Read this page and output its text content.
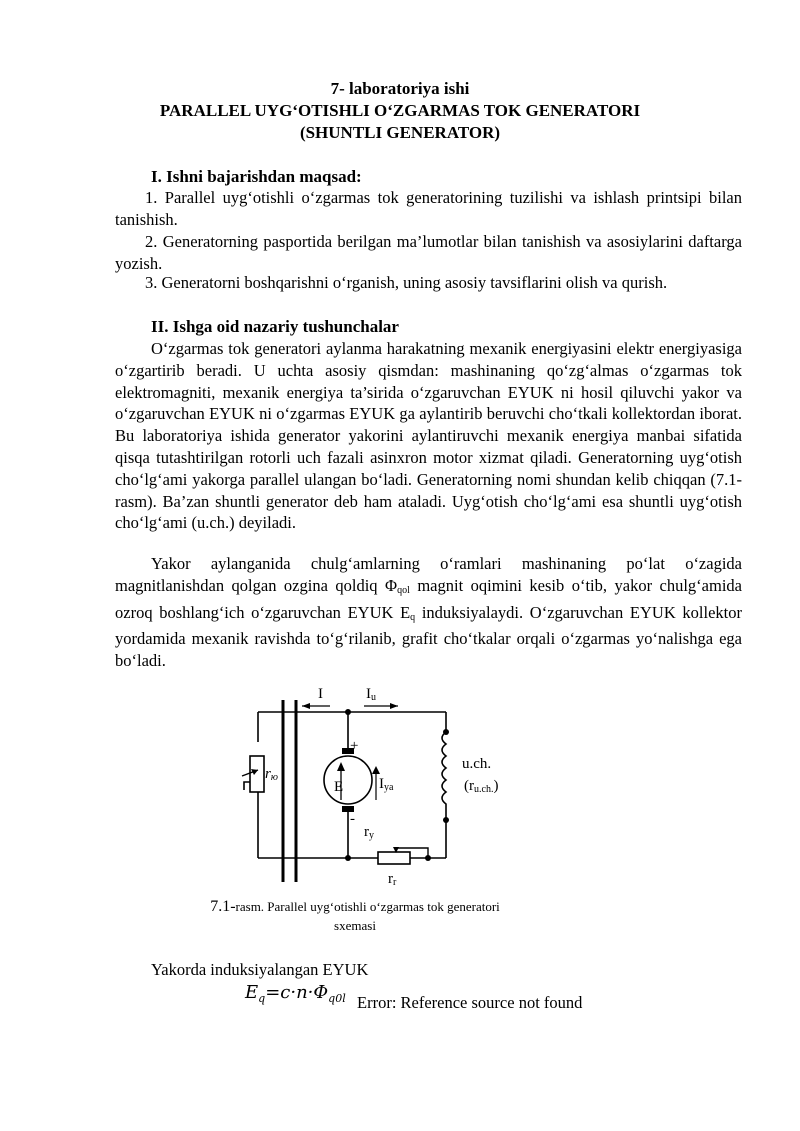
7- laboratoriya ishi
PARALLEL UYG‘OTISHLI O‘ZGARMAS TOK GENERATORI
(SHUNTLI GENERATOR)
I. Ishni bajarishdan maqsad:
1. Parallel uyg‘otishli o‘zgarmas tok generatorining tuzilishi va ishlash printsipi bilan tanishish.
2. Generatorning pasportida berilgan ma’lumotlar bilan tanishish va asosiylarini daftarga yozish.
3. Generatorni boshqarishni o‘rganish, uning asosiy tavsiflarini olish va qurish.
II. Ishga oid nazariy tushunchalar
O‘zgarmas tok generatori aylanma harakatning mexanik energiyasini elektr energiyasiga o‘zgartirib beradi. U uchta asosiy qismdan: mashinaning qo‘zg‘almas o‘zgarmas tok elektromagniti, mexanik energiya ta’sirida o‘zgaruvchan EYUK ni hosil qiluvchi yakor va o‘zgaruvchan EYUK ni o‘zgarmas EYUK ga aylantirib beruvchi cho‘tkali kollektordan iborat. Bu laboratoriya ishida generator yakorini aylantiruvchi mexanik energiya manbai sifatida qisqa tutashtirilgan rotorli uch fazali asinxron motor xizmat qiladi. Generatorning uyg‘otish cho‘lg‘ami yakorga parallel ulangan bo‘ladi. Generatorning nomi shundan kelib chiqqan (7.1-rasm). Ba’zan shuntli generator deb ham ataladi. Uyg‘otish cho‘lg‘ami esa shuntli uyg‘otish cho‘lg‘ami (u.ch.) deyiladi.
Yakor aylanganida chulg‘amlarning o‘ramlari mashinaning po‘lat o‘zagida magnitlanishdan qolgan ozgina qoldiq $\Phi_{qol}$ magnit oqimini kesib o‘tib, yakor chulg‘amida ozroq boshlang‘ich o‘zgaruvchan EYUK $E_q$ induksiyalaydi. O‘zgaruvchan EYUK kollektor yordamida mexanik ravishda to‘g‘rilanib, grafit cho‘tkalar orqali o‘zgarmas yo‘nalishga ega bo‘ladi.
rю
I	Iu
E
+
-
Iya
ry
u.ch.
(ru.ch.)
rr
7.1-rasm. Parallel uyg‘otishli o‘zgarmas tok generatori
sxemasi
Yakorda induksiyalangan EYUK
$E_q=c\cdot n\cdot\Phi_{q0l}$ Error: Reference source not found
